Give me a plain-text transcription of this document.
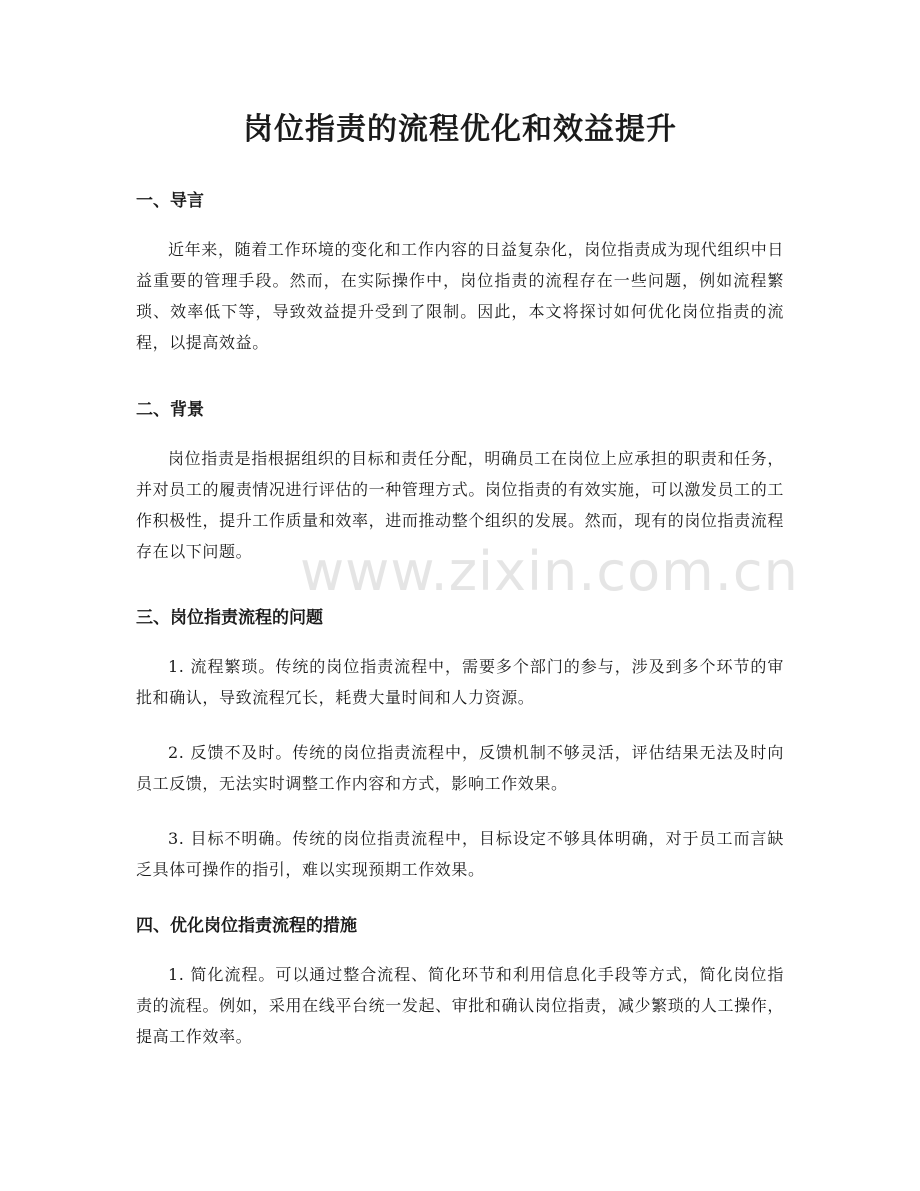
岗位指责的流程优化和效益提升
一、导言

近年来，随着工作环境的变化和工作内容的日益复杂化，岗位指责成为现代组织中日益重要的管理手段。然而，在实际操作中，岗位指责的流程存在一些问题，例如流程繁琐、效率低下等，导致效益提升受到了限制。因此，本文将探讨如何优化岗位指责的流程，以提高效益。

二、背景

岗位指责是指根据组织的目标和责任分配，明确员工在岗位上应承担的职责和任务，并对员工的履责情况进行评估的一种管理方式。岗位指责的有效实施，可以激发员工的工作积极性，提升工作质量和效率，进而推动整个组织的发展。然而，现有的岗位指责流程存在以下问题。

三、岗位指责流程的问题

1. 流程繁琐。传统的岗位指责流程中，需要多个部门的参与，涉及到多个环节的审批和确认，导致流程冗长，耗费大量时间和人力资源。

2. 反馈不及时。传统的岗位指责流程中，反馈机制不够灵活，评估结果无法及时向员工反馈，无法实时调整工作内容和方式，影响工作效果。

3. 目标不明确。传统的岗位指责流程中，目标设定不够具体明确，对于员工而言缺乏具体可操作的指引，难以实现预期工作效果。

四、优化岗位指责流程的措施

1. 简化流程。可以通过整合流程、简化环节和利用信息化手段等方式，简化岗位指责的流程。例如，采用在线平台统一发起、审批和确认岗位指责，减少繁琐的人工操作，提高工作效率。

www.zixin.com.cn
